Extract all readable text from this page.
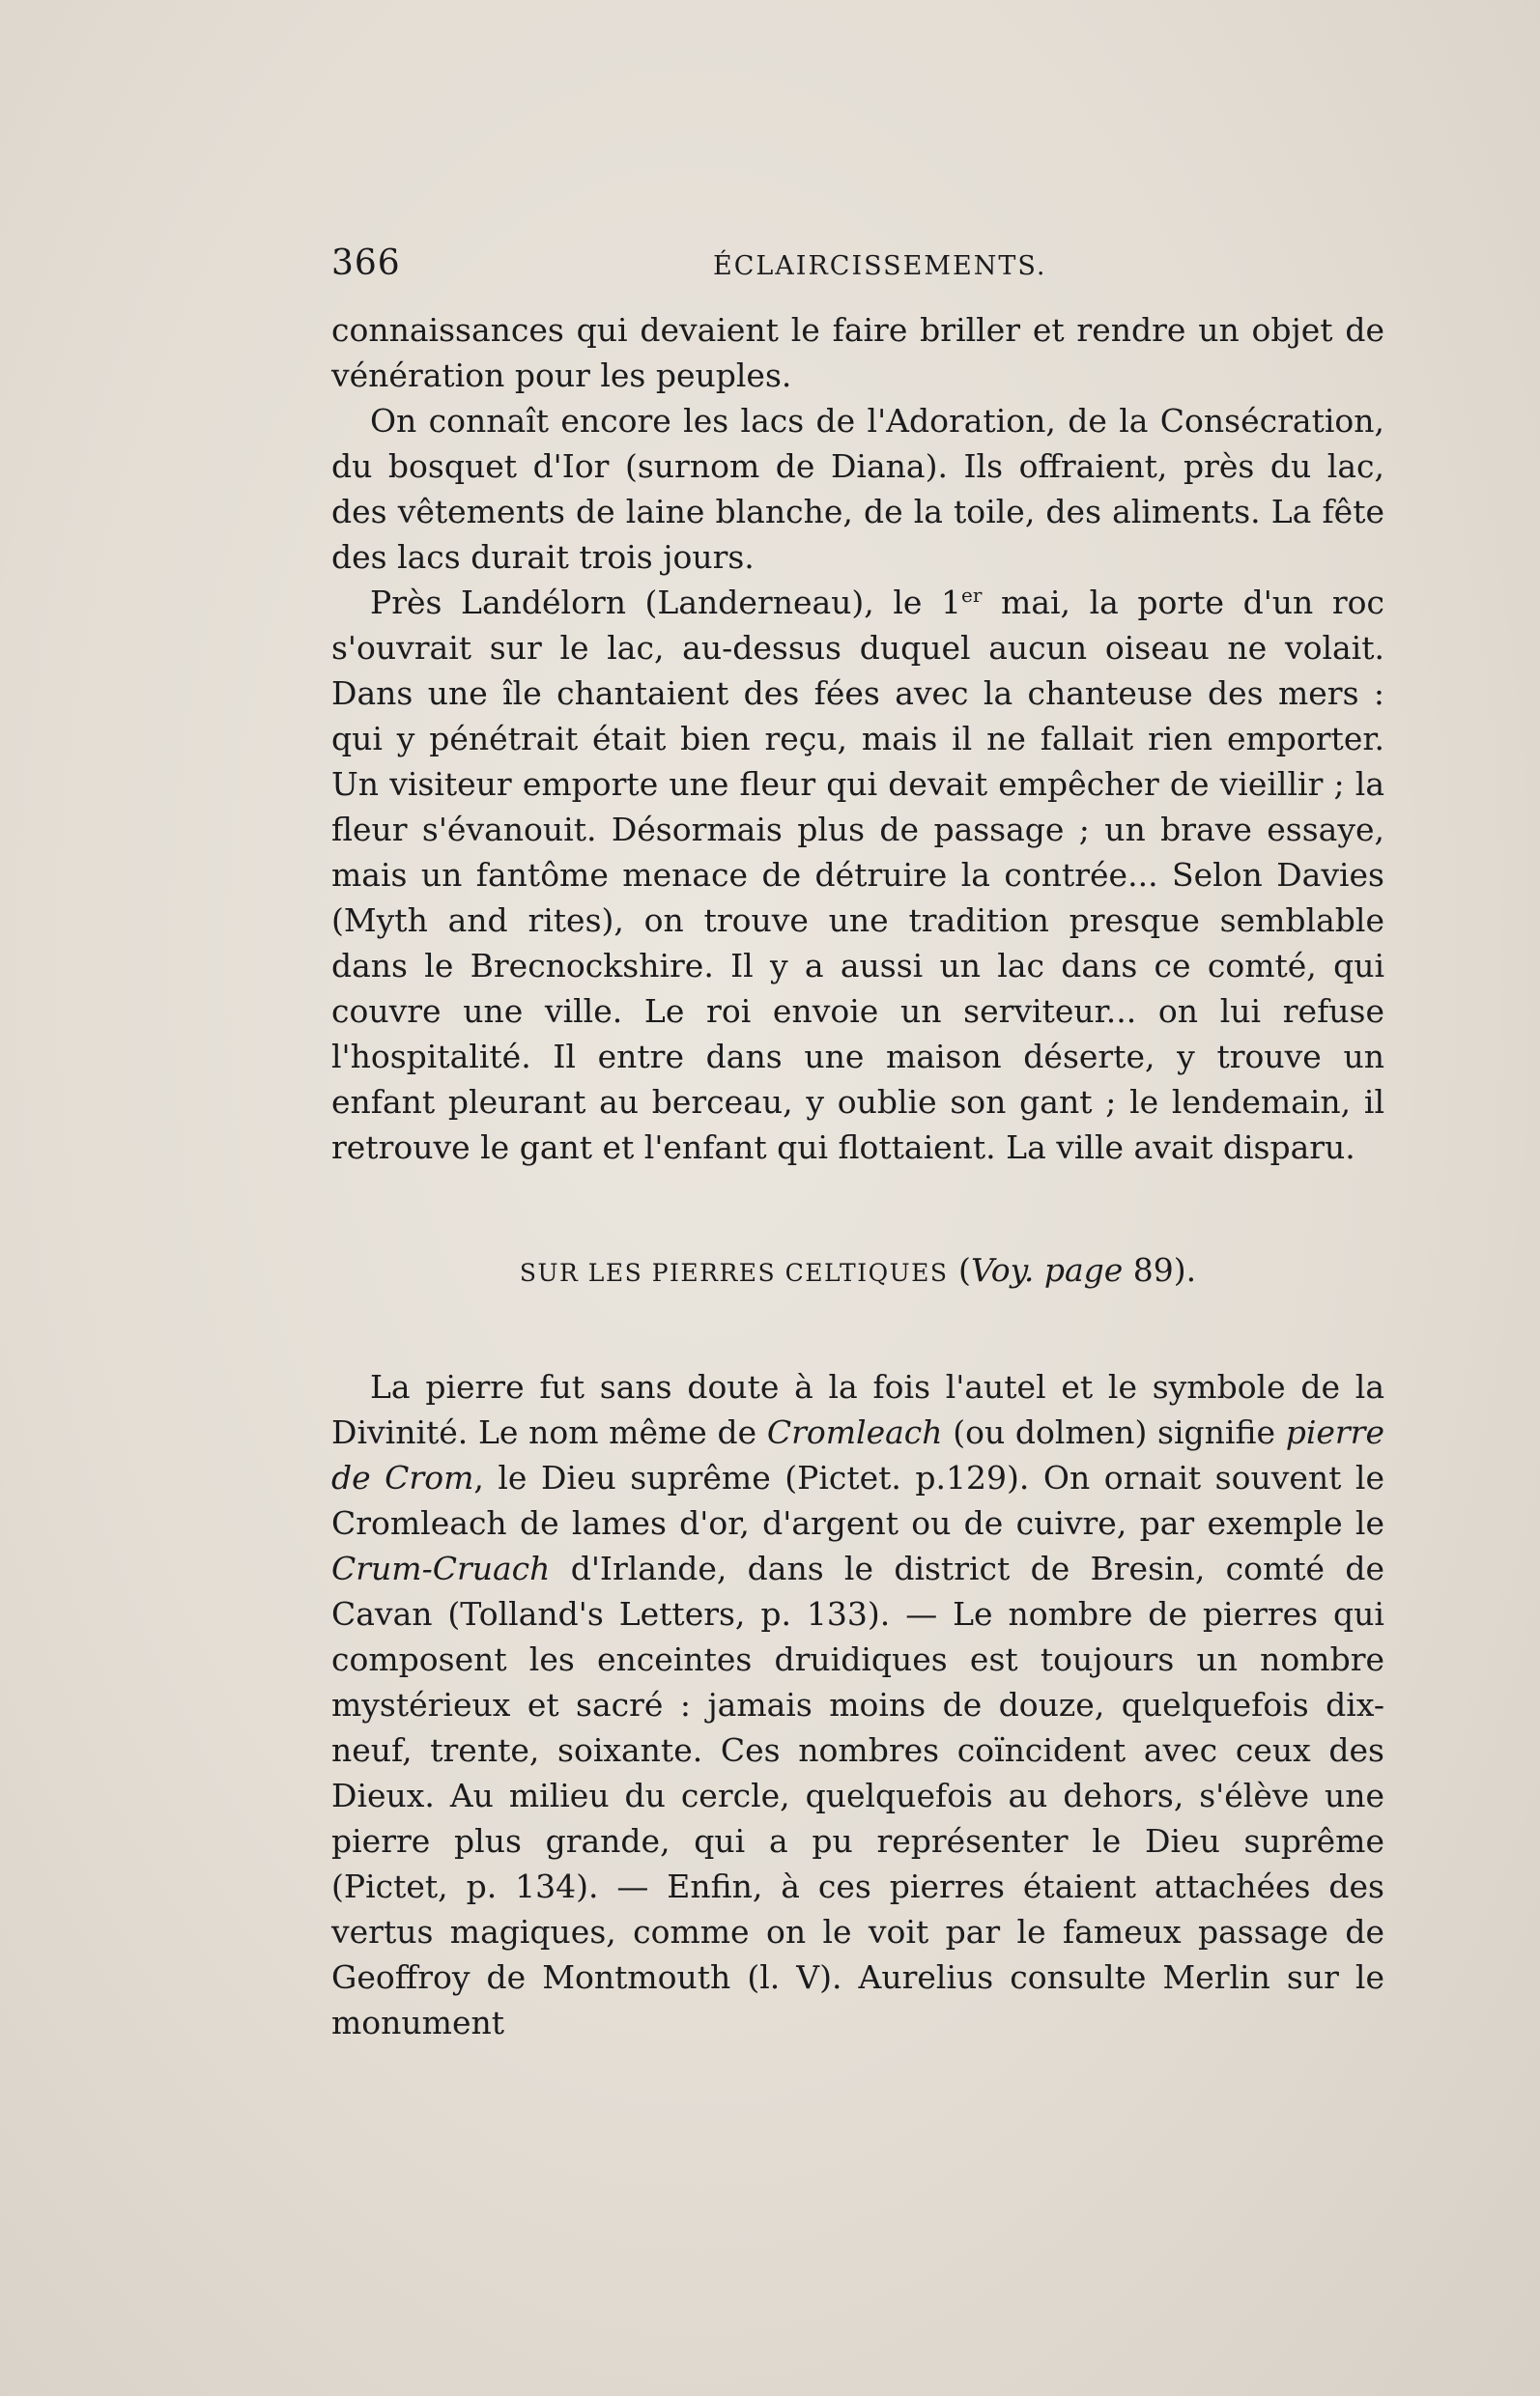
366	ÉCLAIRCISSEMENTS.

connaissances qui devaient le faire briller et rendre un objet de vénération pour les peuples.

On connaît encore les lacs de l'Adoration, de la Consécration, du bosquet d'Ior (surnom de Diana). Ils offraient, près du lac, des vêtements de laine blanche, de la toile, des aliments. La fête des lacs durait trois jours.

Près Landélorn (Landerneau), le 1er mai, la porte d'un roc s'ouvrait sur le lac, au-dessus duquel aucun oiseau ne volait. Dans une île chantaient des fées avec la chanteuse des mers : qui y pénétrait était bien reçu, mais il ne fallait rien emporter. Un visiteur emporte une fleur qui devait empêcher de vieillir ; la fleur s'évanouit. Désormais plus de passage ; un brave essaye, mais un fantôme menace de détruire la contrée... Selon Davies (Myth and rites), on trouve une tradition presque semblable dans le Brecnockshire. Il y a aussi un lac dans ce comté, qui couvre une ville. Le roi envoie un serviteur... on lui refuse l'hospitalité. Il entre dans une maison déserte, y trouve un enfant pleurant au berceau, y oublie son gant ; le lendemain, il retrouve le gant et l'enfant qui flottaient. La ville avait disparu.

SUR LES PIERRES CELTIQUES (Voy. page 89).

La pierre fut sans doute à la fois l'autel et le symbole de la Divinité. Le nom même de Cromleach (ou dolmen) signifie pierre de Crom, le Dieu suprême (Pictet. p.129). On ornait souvent le Cromleach de lames d'or, d'argent ou de cuivre, par exemple le Crum-Cruach d'Irlande, dans le district de Bresin, comté de Cavan (Tolland's Letters, p. 133). — Le nombre de pierres qui composent les enceintes druidiques est toujours un nombre mystérieux et sacré : jamais moins de douze, quelquefois dix-neuf, trente, soixante. Ces nombres coïncident avec ceux des Dieux. Au milieu du cercle, quelquefois au dehors, s'élève une pierre plus grande, qui a pu représenter le Dieu suprême (Pictet, p. 134). — Enfin, à ces pierres étaient attachées des vertus magiques, comme on le voit par le fameux passage de Geoffroy de Montmouth (l. V). Aurelius consulte Merlin sur le monument
